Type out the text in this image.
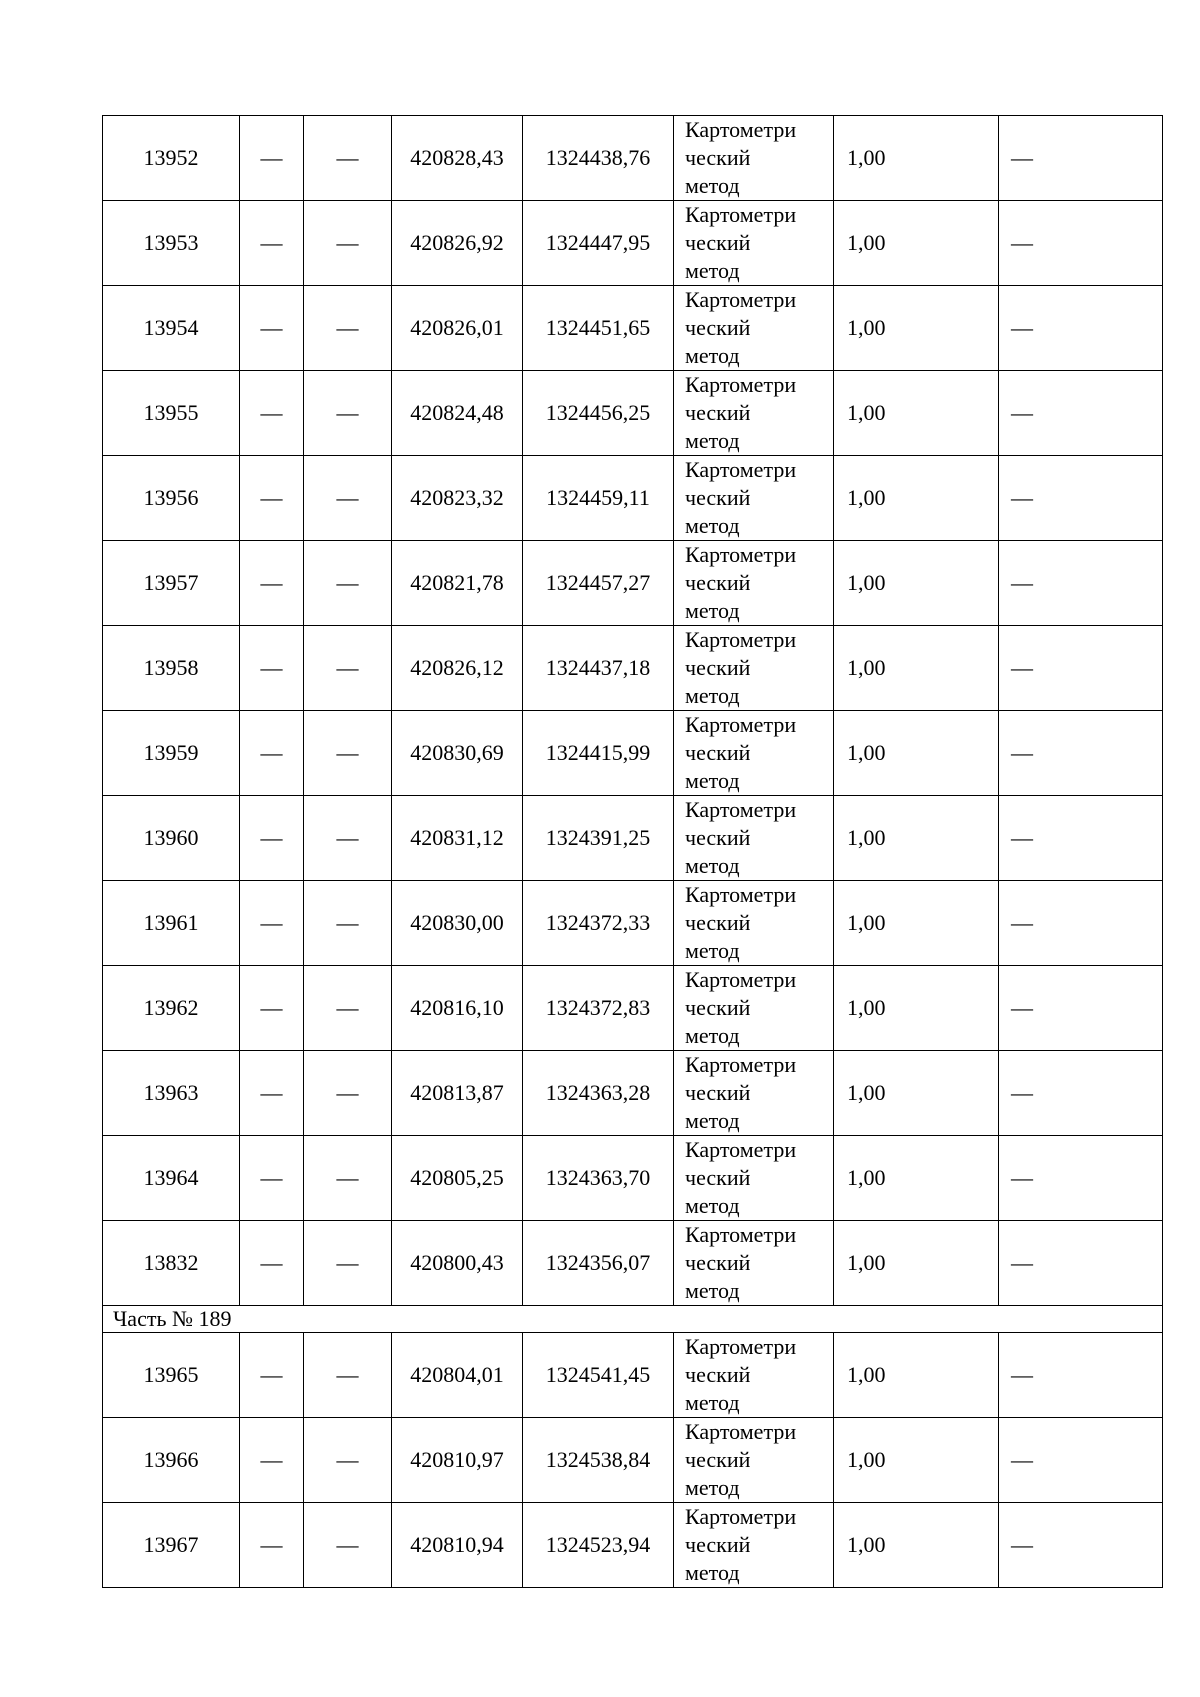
13952	—	—	420828,43	1324438,76	Картометри
ческий
метод	1,00	—
13953	—	—	420826,92	1324447,95	Картометри
ческий
метод	1,00	—
13954	—	—	420826,01	1324451,65	Картометри
ческий
метод	1,00	—
13955	—	—	420824,48	1324456,25	Картометри
ческий
метод	1,00	—
13956	—	—	420823,32	1324459,11	Картометри
ческий
метод	1,00	—
13957	—	—	420821,78	1324457,27	Картометри
ческий
метод	1,00	—
13958	—	—	420826,12	1324437,18	Картометри
ческий
метод	1,00	—
13959	—	—	420830,69	1324415,99	Картометри
ческий
метод	1,00	—
13960	—	—	420831,12	1324391,25	Картометри
ческий
метод	1,00	—
13961	—	—	420830,00	1324372,33	Картометри
ческий
метод	1,00	—
13962	—	—	420816,10	1324372,83	Картометри
ческий
метод	1,00	—
13963	—	—	420813,87	1324363,28	Картометри
ческий
метод	1,00	—
13964	—	—	420805,25	1324363,70	Картометри
ческий
метод	1,00	—
13832	—	—	420800,43	1324356,07	Картометри
ческий
метод	1,00	—
Часть № 189							
13965	—	—	420804,01	1324541,45	Картометри
ческий
метод	1,00	—
13966	—	—	420810,97	1324538,84	Картометри
ческий
метод	1,00	—
13967	—	—	420810,94	1324523,94	Картометри
ческий
метод	1,00	—
